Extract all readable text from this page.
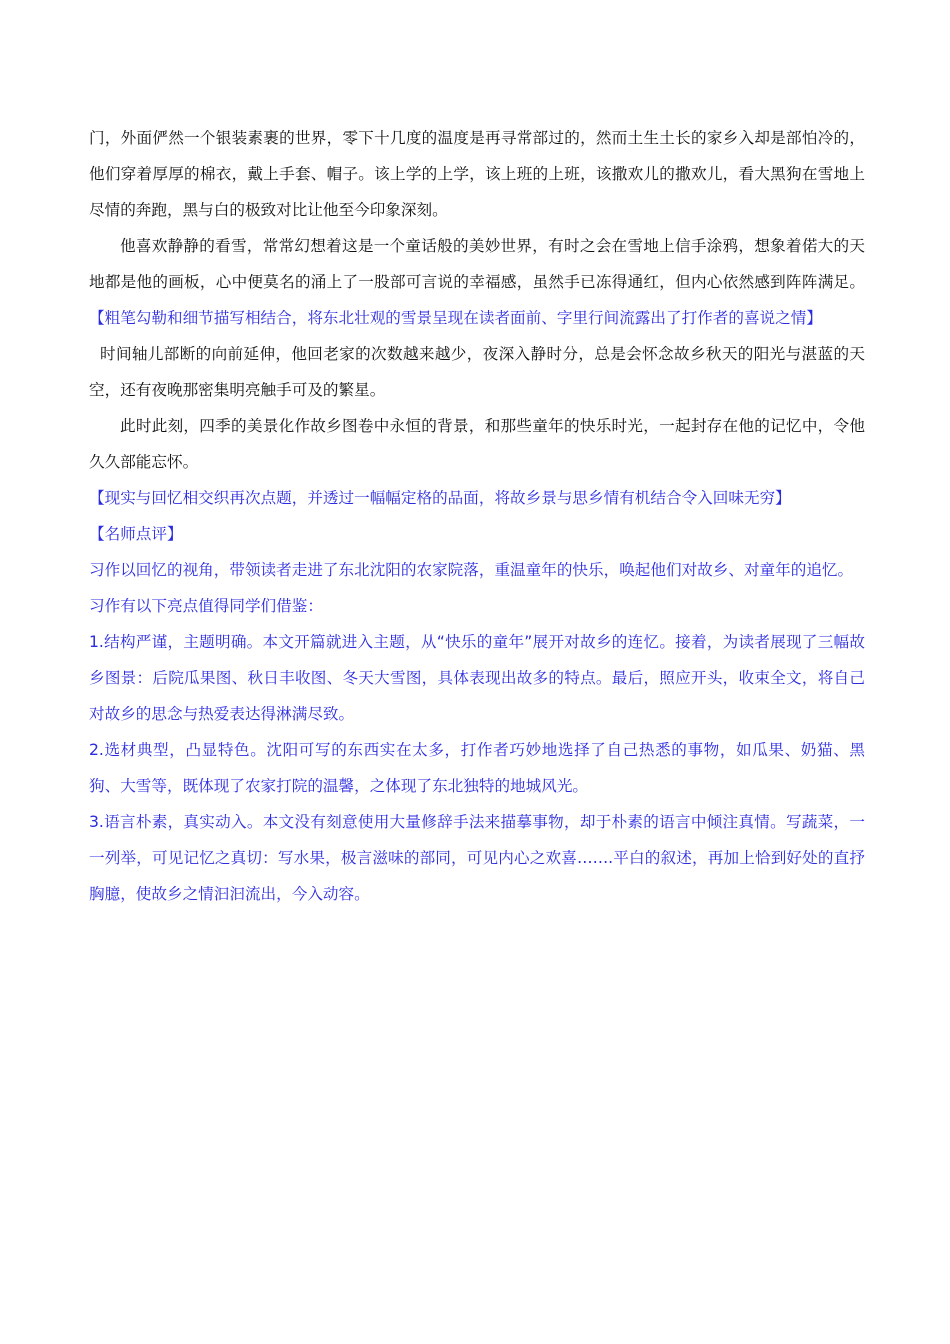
门，外面俨然一个银装素裹的世界，零下十几度的温度是再寻常部过的，然而土生土长的家乡入却是部怕冷的，他们穿着厚厚的棉衣，戴上手套、帽子。该上学的上学，该上班的上班，该撒欢儿的撒欢儿，看大黑狗在雪地上尽情的奔跑，黑与白的极致对比让他至今印象深刻。

他喜欢静静的看雪，常常幻想着这是一个童话般的美妙世界，有时之会在雪地上信手涂鸦，想象着偌大的天地都是他的画板，心中便莫名的涌上了一股部可言说的幸福感，虽然手已冻得通红，但内心依然感到阵阵满足。【粗笔勾勒和细节描写相结合，将东北壮观的雪景呈现在读者面前、字里行间流露出了打作者的喜说之情】

时间轴儿部断的向前延伸，他回老家的次数越来越少，夜深入静时分，总是会怀念故乡秋天的阳光与湛蓝的天空，还有夜晚那密集明亮触手可及的繁星。

此时此刻，四季的美景化作故乡图卷中永恒的背景，和那些童年的快乐时光，一起封存在他的记忆中，令他久久部能忘怀。

【现实与回忆相交织再次点题，并透过一幅幅定格的品面，将故乡景与思乡情有机结合令入回味无穷】

【名师点评】

习作以回忆的视角，带领读者走进了东北沈阳的农家院落，重温童年的快乐，唤起他们对故乡、对童年的追忆。

习作有以下亮点值得同学们借鉴：

1.结构严谨，主题明确。本文开篇就进入主题，从“快乐的童年”展开对故乡的连忆。接着，为读者展现了三幅故乡图景：后院瓜果图、秋日丰收图、冬天大雪图，具体表现出故多的特点。最后，照应开头，收束全文，将自己对故乡的思念与热爱表达得淋满尽致。

2.选材典型，凸显特色。沈阳可写的东西实在太多，打作者巧妙地选择了自己热悉的事物，如瓜果、奶猫、黑狗、大雪等，既体现了农家打院的温馨，之体现了东北独特的地城风光。

3.语言朴素，真实动入。本文没有刻意使用大量修辞手法来描摹事物，却于朴素的语言中倾注真情。写蔬菜，一一列举，可见记忆之真切：写水果，极言滋味的部同，可见内心之欢喜…….平白的叙述，再加上恰到好处的直抒胸臆，使故乡之情汩汩流出，今入动容。
